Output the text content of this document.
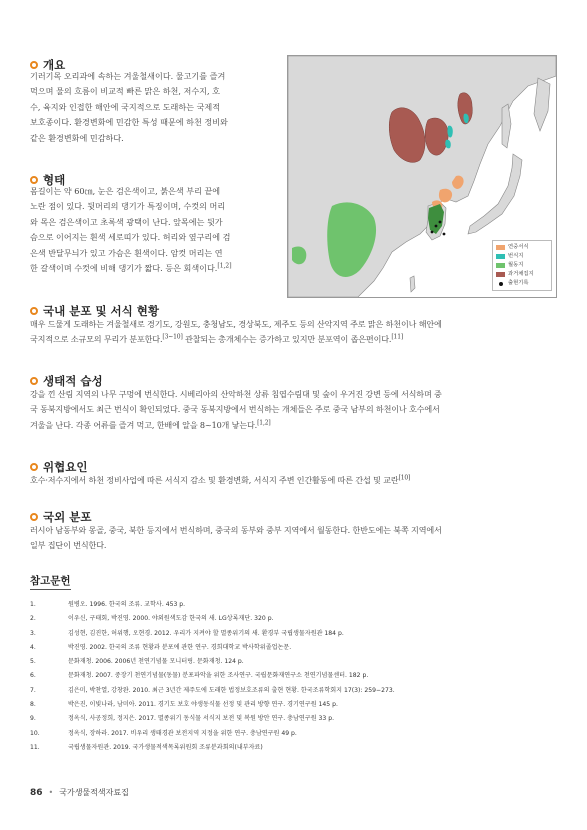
개요
기러기목 오리과에 속하는 겨울철새이다. 물고기를 즐겨
먹으며 물의 흐름이 비교적 빠른 맑은 하천, 저수지, 호
수, 육지와 인접한 해안에 국지적으로 도래하는 국제적
보호종이다. 환경변화에 민감한 특성 때문에 하천 정비와
같은 환경변화에 민감하다.
형태
몸길이는 약 60㎝, 눈은 검은색이고, 붉은색 부리 끝에
노란 점이 있다. 뒷머리의 댕기가 특징이며, 수컷의 머리
와 목은 검은색이고 초록색 광택이 난다. 앞목에는 뒷가
슴으로 이어지는 흰색 세로띠가 있다. 허리와 옆구리에 검
은색 반달무늬가 있고 가슴은 흰색이다. 암컷 머리는 연
한 갈색이며 수컷에 비해 댕기가 짧다. 등은 회색이다.[1,2]
연중서식
번식지
월동지
과거채집지
출현기록
국내 분포 및 서식 현황
매우 드물게 도래하는 겨울철새로 경기도, 강원도, 충청남도, 경상북도, 제주도 등의 산악지역 주로 맑은 하천이나 해안에
국지적으로 소규모의 무리가 분포한다.[3~10] 관찰되는 총개체수는 증가하고 있지만 분포역이 좁은편이다.[11]
생태적 습성
강을 낀 산림 지역의 나무 구멍에 번식한다. 시베리아의 산악하천 상류 침엽수림대 및 숲이 우거진 강변 등에 서식하며 중
국 동북지방에서도 최근 번식이 확인되었다. 중국 동북지방에서 번식하는 개체들은 주로 중국 남부의 하천이나 호수에서
겨울을 난다. 각종 어류를 즐겨 먹고, 한배에 알을 8~10개 낳는다.[1,2]
위협요인
호수·저수지에서 하천 정비사업에 따른 서식지 감소 및 환경변화, 서식지 주변 인간활동에 따른 간섭 및 교란[10]
국외 분포
러시아 남동부와 몽골, 중국, 북한 등지에서 번식하며, 중국의 동부와 중부 지역에서 월동한다. 한반도에는 북쪽 지역에서
일부 집단이 번식한다.
참고문헌
1.	원병오. 1996. 한국의 조류. 교학사. 453 p.
2.	이우신, 구태회, 박진영. 2000. 야외원색도감 한국의 새. LG상록재단. 320 p.
3.	김성현, 김진한, 허위행, 오현경. 2012. 우리가 지켜야 할 멸종위기의 새. 환경부 국립생물자원관 184 p.
4.	박진영. 2002. 한국의 조류 현황과 분포에 관한 연구. 경희대학교 박사학위졸업논문.
5.	문화재청. 2006. 2006년 천연기념물 모니터링. 문화재청. 124 p.
6.	문화재청. 2007. 중장기 천연기념물(동물) 분포파악을 위한 조사연구. 국립문화재연구소 천연기념물센터. 182 p.
7.	김은미, 박찬열, 강창완. 2010. 최근 3년간 제주도에 도래한 법정보호조류의 출현 현황. 한국조류학회지 17(3): 259−273.
8.	박은진, 이빛나라, 남미아. 2011. 경기도 보호 야생동식물 선정 및 관리 방향 연구. 경기연구원 145 p.
9.	정옥식, 사공정희, 정지은. 2017. 멸종위기 동식물 서식지 보전 및 복원 방안 연구. 충남연구원 33 p.
10.	정옥식, 장하라. 2017. 비우리 생태경관 보전지역 지정을 위한 연구. 충남연구원 49 p.
11.	국립생물자원관. 2019. 국가생물적색목록위원회 조류분과회의(내부자료)
86 • 국가생물적색자료집
